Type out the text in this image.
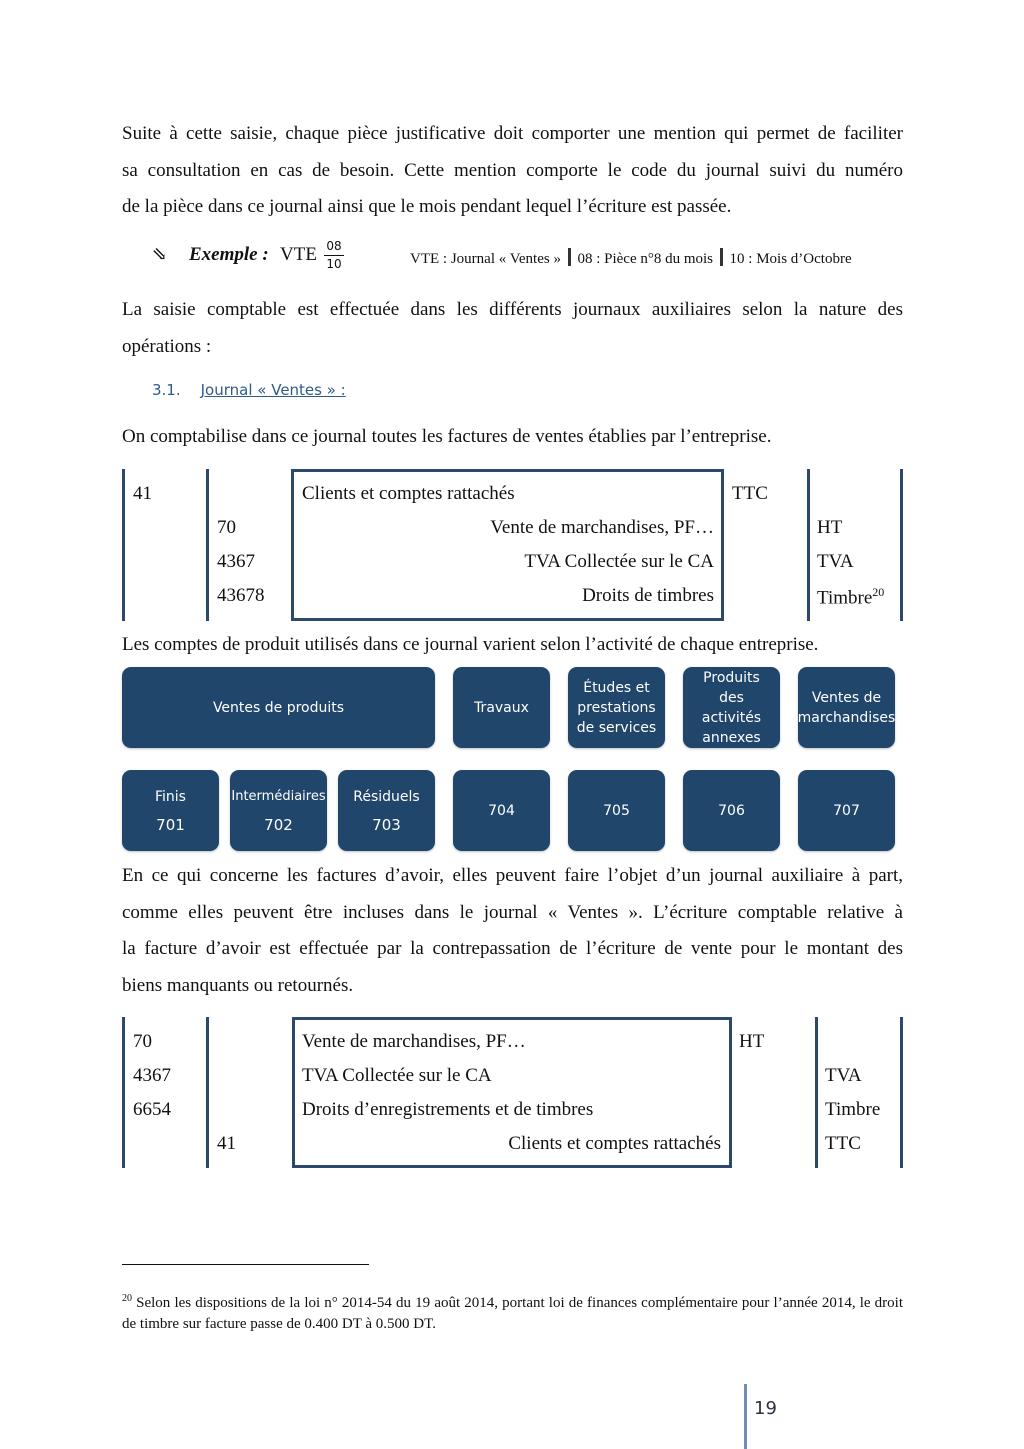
Suite à cette saisie, chaque pièce justificative doit comporter une mention qui permet de faciliter
sa consultation en cas de besoin. Cette mention comporte le code du journal suivi du numéro
de la pièce dans ce journal ainsi que le mois pendant lequel l’écriture est passée.
⇘ Exemple : VTE $\frac{08}{10}$	VTE : Journal « Ventes » 08 : Pièce n°8 du mois 10 : Mois d’Octobre
La saisie comptable est effectuée dans les différents journaux auxiliaires selon la nature des
opérations :
3.1. Journal « Ventes » :
On comptabilise dans ce journal toutes les factures de ventes établies par l’entreprise.
41	Clients et comptes rattachés	TTC
70	Vente de marchandises, PF…	HT
4367	TVA Collectée sur le CA	TVA
43678	Droits de timbres	Timbre$^{20}$
Les comptes de produit utilisés dans ce journal varient selon l’activité de chaque entreprise.
Ventes de produits	Travaux
Études et prestations de services
Produits des activités annexes
Ventes de marchandises
Finis
701
Intermédiaires
702
Résiduels
703
704	705	706	707
En ce qui concerne les factures d’avoir, elles peuvent faire l’objet d’un journal auxiliaire à part,
comme elles peuvent être incluses dans le journal « Ventes ». L’écriture comptable relative à
la facture d’avoir est effectuée par la contrepassation de l’écriture de vente pour le montant des
biens manquants ou retournés.
70	Vente de marchandises, PF…	HT
4367	TVA Collectée sur le CA	TVA
6654	Droits d’enregistrements et de timbres	Timbre
41	Clients et comptes rattachés	TTC
$^{20}$ Selon les dispositions de la loi n° 2014-54 du 19 août 2014, portant loi de finances complémentaire pour l’année 2014, le droit de timbre sur facture passe de 0.400 DT à 0.500 DT.
19
